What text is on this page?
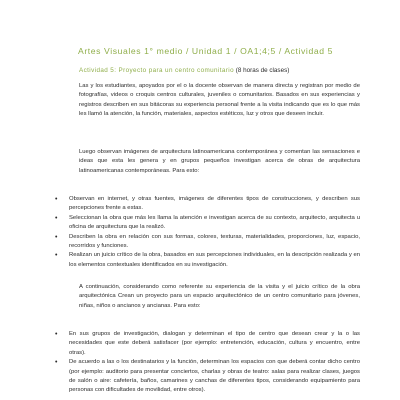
Artes Visuales 1° medio / Unidad 1 / OA1;4;5 / Actividad 5
Actividad 5: Proyecto para un centro comunitario (8 horas de clases)

Las y los estudiantes, apoyados por el o la docente observan de manera directa y registran por medio de fotografías, videos o croquis centros culturales, juveniles o comunitarios. Basados en sus experiencias y registros describen en sus bitácoras su experiencia personal frente a la visita indicando que es lo que más les llamó la atención, la función, materiales, aspectos estéticos, luz y otros que deseen incluir.

Luego observan imágenes de arquitectura latinoamericana contemporánea y comentan las sensaciones e ideas que esta les genera y en grupos pequeños investigan acerca de obras de arquitectura latinoamericanas contemporáneas. Para esto:

• Observan en internet, y otras fuentes, imágenes de diferentes tipos de construcciones, y describen sus percepciones frente a estas.
• Seleccionan la obra que más les llama la atención e investigan acerca de su contexto, arquitecto, arquitecta u oficina de arquitectura que la realizó.
• Describen la obra en relación con sus formas, colores, texturas, materialidades, proporciones, luz, espacio, recorridos y funciones.
• Realizan un juicio crítico de la obra, basados en sus percepciones individuales, en la descripción realizada y en los elementos contextuales identificados en su investigación.

A continuación, considerando como referente su experiencia de la visita y el juicio crítico de la obra arquitectónica Crean un proyecto para un espacio arquitectónico de un centro comunitario para jóvenes, niñas, niños o ancianos y ancianas. Para esto:

• En sus grupos de investigación, dialogan y determinan el tipo de centro que desean crear y la o las necesidades que este deberá satisfacer (por ejemplo: entretención, educación, cultura y encuentro, entre otras).
• De acuerdo a las o los destinatarios y la función, determinan los espacios con que deberá contar dicho centro (por ejemplo: auditorio para presentar conciertos, charlas y obras de teatro: salas para realizar clases, juegos de salón o aire: cafetería, baños, camarines y canchas de diferentes tipos, considerando equipamiento para personas con dificultades de movilidad, entre otros).
